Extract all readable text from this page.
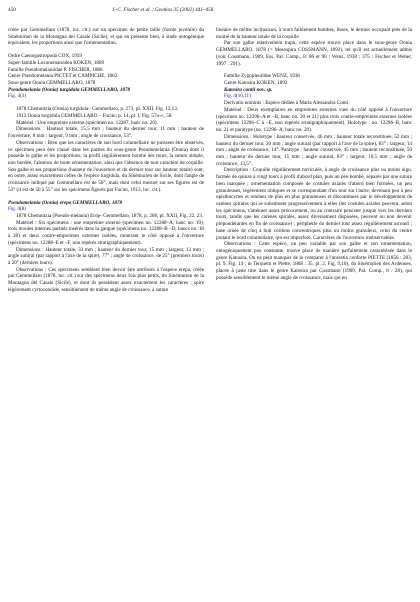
450	J.-C. Fischer et al. / Geobios 35 (2002) 441–456

créée par Gemmellaro (1878, loc. cit.) sur un spécimen de petite taille (forme juvénile) du Sinémurien de la Montagna del Casale (Sicile), et qui en présente bien, à stade ontogénique équivalent, les proportions ainsi que l'ornementation.

Ordre Caenogastropoda COX, 1959

Super-famille Loxonematoidea KOKEN, 1889

Famille Pseudomelaniidae P. FISCHER, 1886

Genre Pseudomelania PICTET et CAMPICHE, 1862

Sous-genre Oonia GEMMELLARO, 1878

Pseudomelania (Oonia) turgidula GEMMELLARO, 1878

Fig. 4(3)

1878 Chemnitzia (Oonia) turgidula– Gemmellaro, p. 273, pl. XXII, Fig. 12,13.

1913 Oonia turgidula GEMMELLARO – Fucini, p. 14, pl. I, Fig. 57a–c, 58.

Matériel : Une empreinte externe (spécimen no. 12287, banc no. 20).

Dimensions : Hauteur totale, 15,5 mm ; hauteur du dernier tour, 11 mm ; hauteur de l'ouverture, 8 mm ; largeur, 9 mm ; angle de croissance, 53°.

Observations : Bien que les caractères de son bord columellaire ne puissent être observés, ce spécimen peut être classé dans les parties du sous-genre Pseudomelania (Oonia) dont il possède le galbe et les proportions, la profil régulièrement bombé des tours, la suture simple, non bordée, l'absence de toute ornementation, ainsi que l'absence de tout caractère de coquille. Son galbe et ses proportions (hauteur de l'ouverture et du dernier tour sur hauteur totale) sont, en outre, assez exactement celles de l'espèce turgidula, du Sinémurien de Sicile, dont l'angle de croissance indiqué par Gemmellaro est de 50°, mais dont celui mesuré sur ses figures est de 53° (il est de 50 à 55° sur les spécimens figurés par Fucini, 1913, loc. cit.).

Pseudomelania (Oonia) erepa GEMMELLARO, 1878

Fig. 4(8)

1878 Chemnitzia (Pseudo-melania) Erop- Gemmellaro, 1878, p. 268, pl. XXII, Fig. 22, 23.

Matériel : Six spécimens : une empreinte externe (spécimen no. 12288–A, banc no. 19), trois moules internes partiels insérés dans la gangue (spécimens no. 12288–B –D, bancs no. 18 à 20) et deux contre-empreintes externes isolées, montrant le côté opposé à l'ouverture (spécimens no. 12288–E et –F, non repérés stratigraphiquement).

Dimensions : Hauteur totale, 33 mm ; hauteur du dernier tour, 15 mm ; largeur, 12 mm ; angle sutural (par rapport à l'axe de la spire), 77° ; angle de croissance, de 25° (premiers tours) à 20° (derniers tours).

Observations : Ces spécimens semblent bien devoir être attribués à l'espèce erepa, créée par Gemmellaro (1878, loc. cit.) sur des spécimens deux fois plus petits, du Sinémurien de la Montagna del Casale (Sicile), et dont ils possèdent assez exactement les caractères : spire légèrement cyrtoconoïde, sensiblement de même angle de croissance, à suture

linéaire de même inclinaison, à tours faiblement bombés, lisses, le dernier occupant près de la moitié de la hauteur totale de la coquille.

Par son galbe relativement trapu, cette espèce trouve place dans le sous-genre Oonia GEMMELLARO, 1878 (= Mesospira COSSMANN, 1892), tel qu'il est actuellement admis (voir Cossmann, 1909, Ess. Pal. Comp., 8: 86 et 90 ; Wenz, 1938 : 375 ; Fischer et Weber, 1997 : 291).

Famille Zygopleuridae WENZ, 1938

Genre Katosira KOKEN, 1892

Katosira contii nov. sp.

Fig. 4(10,11)

Derivatio nominis : Espèce dédiée à Maria Alessandra Conti.

Matériel : Deux exemplaires en empreintes externes vues du côté opposé à l'ouverture (spécimen no. 12296–A et –B, banc no. 20 et 21) plus trois contre-empreintes externes isolées (spécimens 12296–C à –E, non repérés stratigraphiquement). Holotype : no. 12296–B, banc no. 21 et paratype (no. 12296–A, banc no. 20).

Dimensions : Holotype : hauteur conservée, 46 mm ; hauteur totale reconstituée, 52 mm ; hauteur du dernier tour, 20 mm ; angle sutural (par rapport à l'axe de la spire), 83° ; largeur, 14 mm ; angle de croissance, 14°. Paratype : hauteur conservée, 45 mm ; hauteur reconstituée, 50 mm ; hauteur du dernier tour, 15 mm ; angle sutural, 83° ; largeur, 10,5 mm ; angle de croissance, 13,5°.

Description : Coquille régulièrement turriculée, à angle de croissance plus ou moins aigu, formée de quinze à vingt tours à profil d'abord plan, puis un peu bombé, séparés par une suture bien marquée ; ornementation composée de costules axiales d'abord bien formées, un peu granuleuses, légèrement obliques et se correspondant d'un tour sur l'autre, devenant peu à peu opisthocyrtes et rendues de plus en plus granuleuses et discontinues par le développement de carènes spirales qui se substituent progressivement à elles (les costules axiales peuvent, selon les spécimens, s'atténuer assez précocement, ou au contraire persister jusque vers les derniers tours, tandis que les carènes spirales, assez diversement disposées, peuvent ou non devenir prépondérantes en fin de croissance) ; périphérie du dernier tour assez régulièrement arrondi ; base ornée de cinq à huit cordons concentriques plus ou moins granuleux, celui du centre joutant le bord columellaire, qui est imperforé. Caractères de l'ouverture inobservables.

Observations : Cette espèce, un peu variable par son galbe et son ornementation, ontogéniquement peu constante, trouve place de manière parfaitement caractérisée dans le genre Katosira. On ne peut manquer de la comparer à l'unrestia conforte PIETTE (1856 : 203, pl. 9, Fig. 14 ; in Terquem et Piette, 1868 : 35, pl. 2, Fig. 9,10), du Sinémurien des Ardennes, placée à juste titre dans le genre Katosira par Cossmann (1909, Pal. Comp., 8 : 28), qui possède sensiblement le même angle de croissance, mais qui en
